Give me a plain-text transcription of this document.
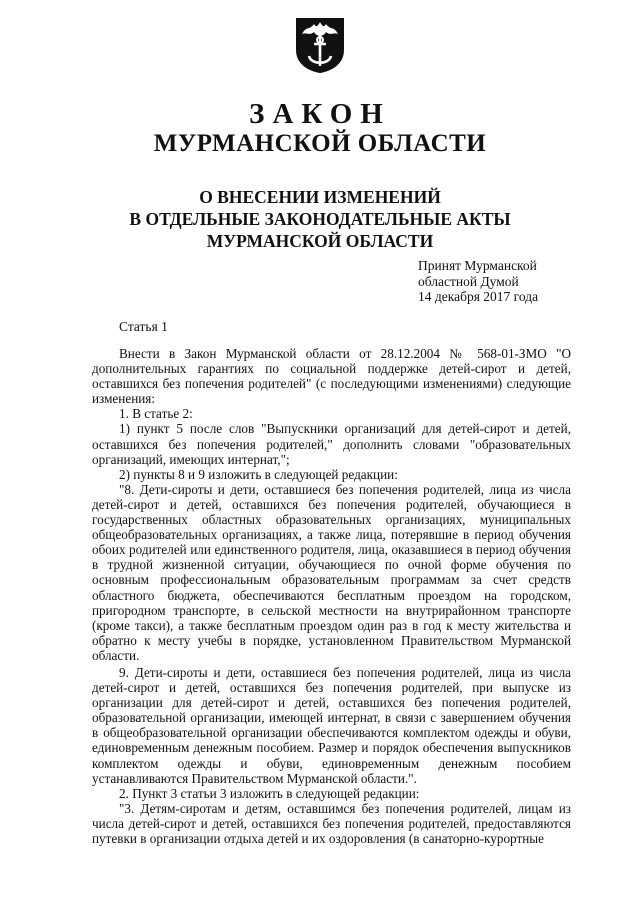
ЗАКОН
МУРМАНСКОЙ ОБЛАСТИ
О ВНЕСЕНИИ ИЗМЕНЕНИЙ
В ОТДЕЛЬНЫЕ ЗАКОНОДАТЕЛЬНЫЕ АКТЫ
МУРМАНСКОЙ ОБЛАСТИ
Принят Мурманской
областной Думой
14 декабря 2017 года
Статья 1

Внести в Закон Мурманской области от 28.12.2004 № 568-01-ЗМО "О дополнительных гарантиях по социальной поддержке детей-сирот и детей, оставшихся без попечения родителей" (с последующими изменениями) следующие изменения:

1. В статье 2:

1) пункт 5 после слов "Выпускники организаций для детей-сирот и детей, оставшихся без попечения родителей," дополнить словами "образовательных организаций, имеющих интернат,";

2) пункты 8 и 9 изложить в следующей редакции:

"8. Дети-сироты и дети, оставшиеся без попечения родителей, лица из числа детей-сирот и детей, оставшихся без попечения родителей, обучающиеся в государственных областных образовательных организациях, муниципальных общеобразовательных организациях, а также лица, потерявшие в период обучения обоих родителей или единственного родителя, лица, оказавшиеся в период обучения в трудной жизненной ситуации, обучающиеся по очной форме обучения по основным профессиональным образовательным программам за счет средств областного бюджета, обеспечиваются бесплатным проездом на городском, пригородном транспорте, в сельской местности на внутрирайонном транспорте (кроме такси), а также бесплатным проездом один раз в год к месту жительства и обратно к месту учебы в порядке, установленном Правительством Мурманской области.

9. Дети-сироты и дети, оставшиеся без попечения родителей, лица из числа детей-сирот и детей, оставшихся без попечения родителей, при выпуске из организации для детей-сирот и детей, оставшихся без попечения родителей, образовательной организации, имеющей интернат, в связи с завершением обучения в общеобразовательной организации обеспечиваются комплектом одежды и обуви, единовременным денежным пособием. Размер и порядок обеспечения выпускников комплектом одежды и обуви, единовременным денежным пособием устанавливаются Правительством Мурманской области.".

2. Пункт 3 статьи 3 изложить в следующей редакции:

"3. Детям-сиротам и детям, оставшимся без попечения родителей, лицам из числа детей-сирот и детей, оставшихся без попечения родителей, предоставляются путевки в организации отдыха детей и их оздоровления (в санаторно-курортные
